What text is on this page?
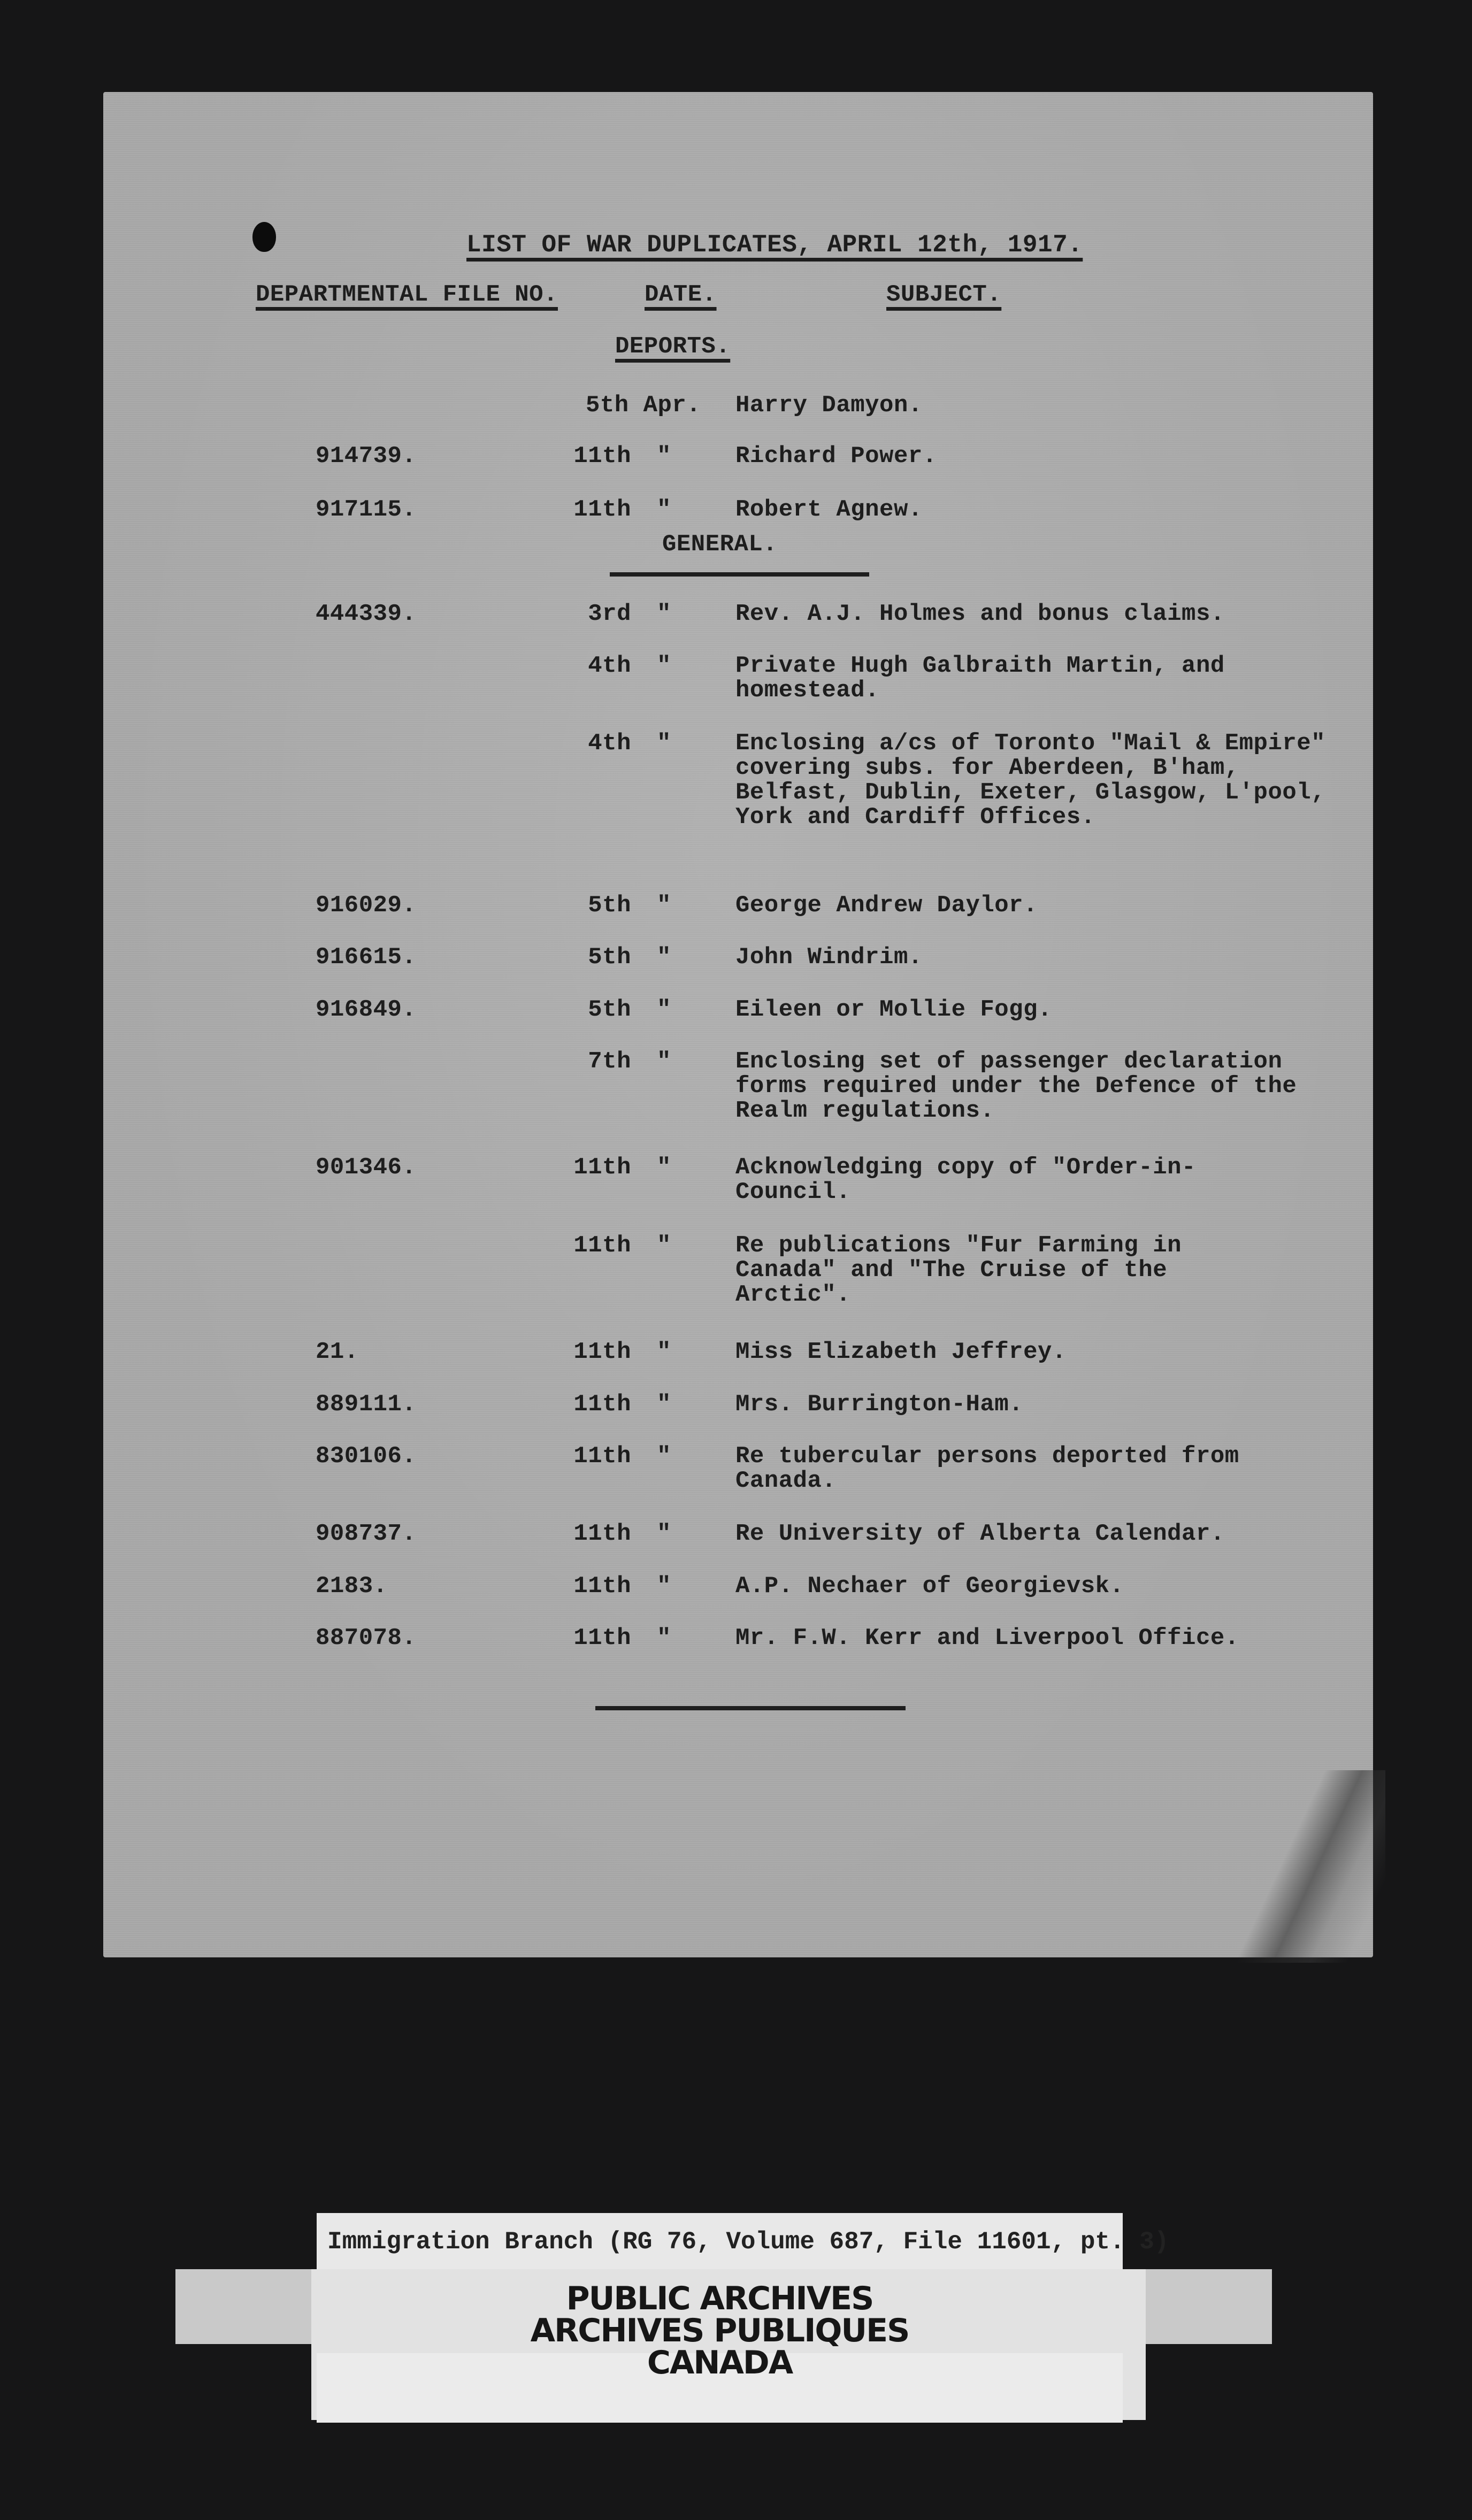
LIST OF WAR DUPLICATES, APRIL 12th, 1917.
DEPARTMENTAL FILE NO.	DATE.	SUBJECT.
DEPORTS.
5th Apr. Harry Damyon.
914739.	11th "	Richard Power.
917115.	11th "	Robert Agnew.
GENERAL.
444339.	3rd "	Rev. A.J. Holmes and bonus claims.
4th "	Private Hugh Galbraith Martin, and homestead.
4th "	Enclosing a/cs of Toronto "Mail & Empire" covering subs. for Aberdeen, B'ham, Belfast, Dublin, Exeter, Glasgow, L'pool, York and Cardiff Offices.
916029.	5th "	George Andrew Daylor.
916615.	5th "	John Windrim.
916849.	5th "	Eileen or Mollie Fogg.
7th "	Enclosing set of passenger declaration forms required under the Defence of the Realm regulations.
901346.	11th "	Acknowledging copy of "Order-in-Council.
11th "	Re publications "Fur Farming in Canada" and "The Cruise of the Arctic".
21.	11th "	Miss Elizabeth Jeffrey.
889111.	11th "	Mrs. Burrington-Ham.
830106.	11th "	Re tubercular persons deported from Canada.
908737.	11th "	Re University of Alberta Calendar.
2183.	11th "	A.P. Nechaer of Georgievsk.
887078.	11th "	Mr. F.W. Kerr and Liverpool Office.
Immigration Branch (RG 76, Volume 687, File 11601, pt. 3)
PUBLIC ARCHIVES
ARCHIVES PUBLIQUES
CANADA
